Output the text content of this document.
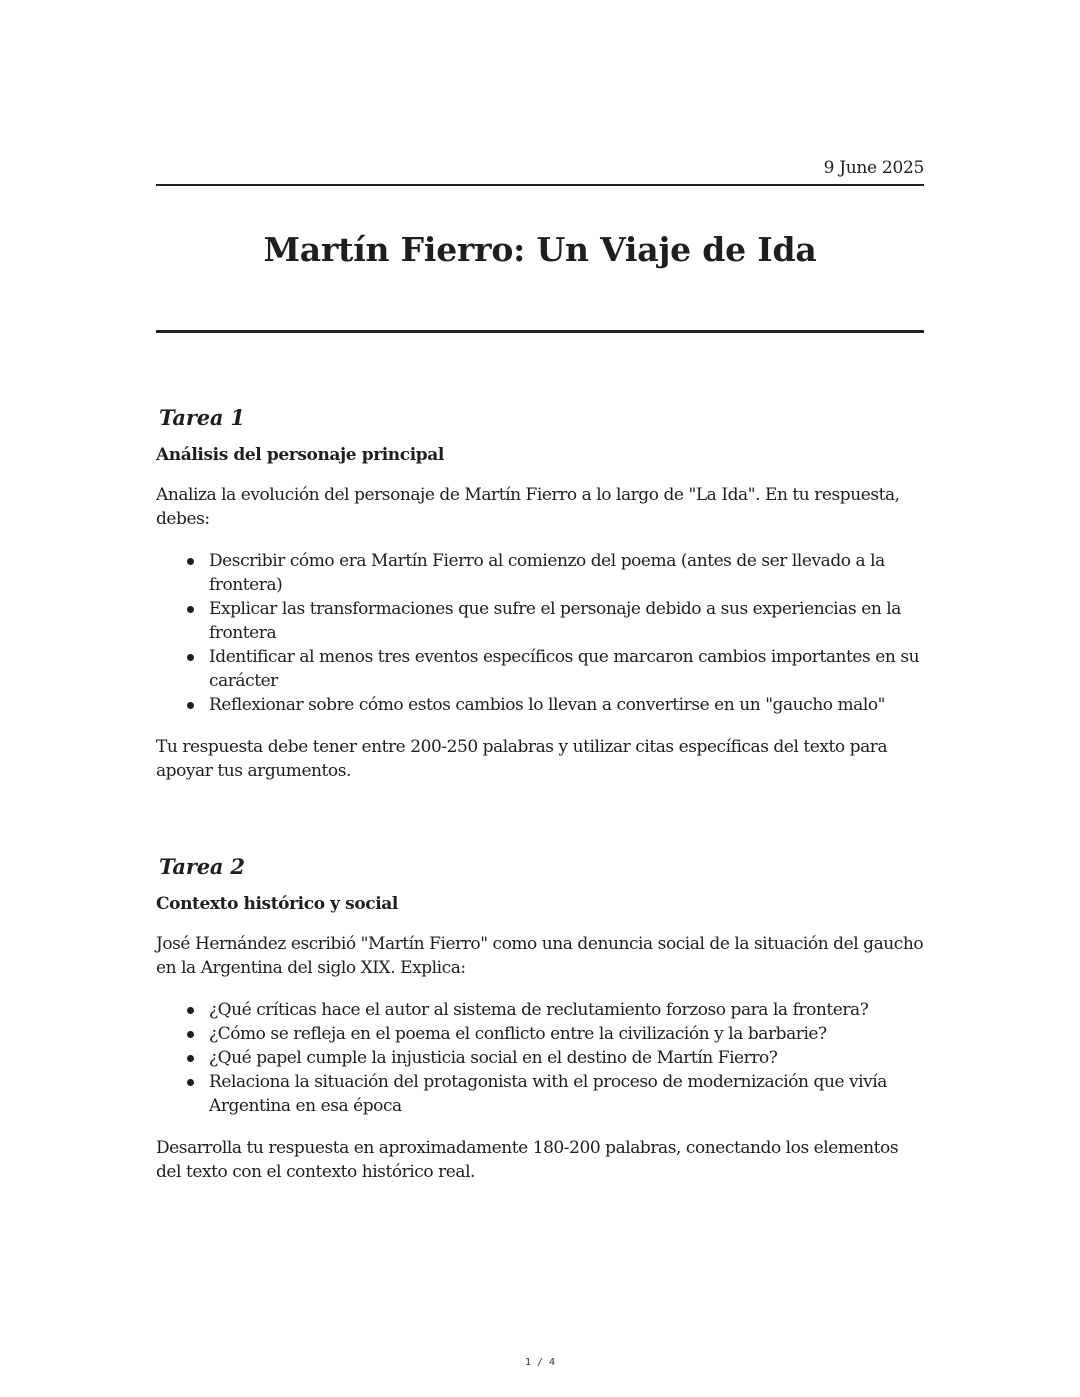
9 June 2025
Martín Fierro: Un Viaje de Ida
Tarea 1
Análisis del personaje principal

Analiza la evolución del personaje de Martín Fierro a lo largo de "La Ida". En tu respuesta, debes:

Describir cómo era Martín Fierro al comienzo del poema (antes de ser llevado a la frontera)
Explicar las transformaciones que sufre el personaje debido a sus experiencias en la frontera
Identificar al menos tres eventos específicos que marcaron cambios importantes en su carácter
Reflexionar sobre cómo estos cambios lo llevan a convertirse en un "gaucho malo"

Tu respuesta debe tener entre 200-250 palabras y utilizar citas específicas del texto para apoyar tus argumentos.

Tarea 2
Contexto histórico y social

José Hernández escribió "Martín Fierro" como una denuncia social de la situación del gaucho en la Argentina del siglo XIX. Explica:

¿Qué críticas hace el autor al sistema de reclutamiento forzoso para la frontera?
¿Cómo se refleja en el poema el conflicto entre la civilización y la barbarie?
¿Qué papel cumple la injusticia social en el destino de Martín Fierro?
Relaciona la situación del protagonista with el proceso de modernización que vivía Argentina en esa época

Desarrolla tu respuesta en aproximadamente 180-200 palabras, conectando los elementos del texto con el contexto histórico real.

1 / 4
